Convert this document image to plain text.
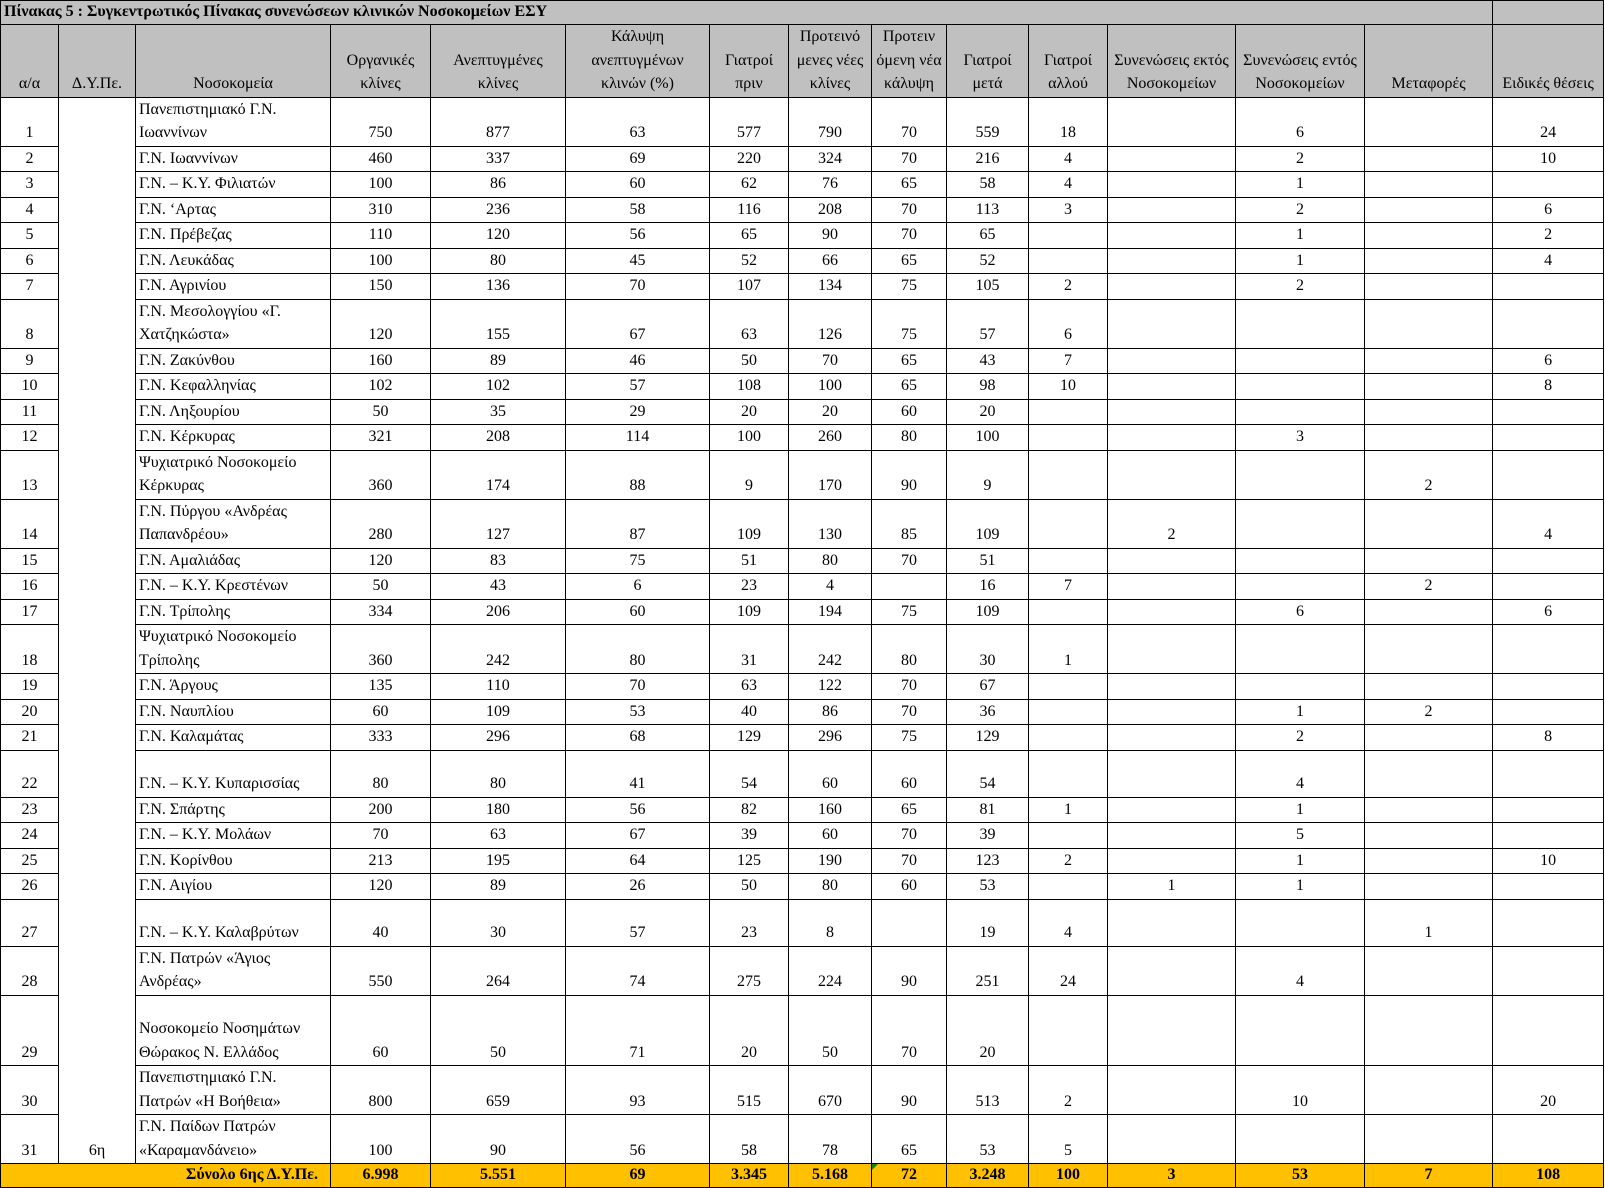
Πίνακας 5 : Συγκεντρωτικός Πίνακας συνενώσεων κλινικών Νοσοκομείων ΕΣΥ														
α/α	Δ.Υ.Πε.	Νοσοκομεία	Οργανικές κλίνες	Ανεπτυγμένες κλίνες	Κάλυψη ανεπτυγμένων κλινών (%)	Γιατροί πριν	Προτεινό μενες νέες κλίνες	Προτειν όμενη νέα κάλυψη	Γιατροί μετά	Γιατροί αλλού	Συνενώσεις εκτός Νοσοκομείων	Συνενώσεις εντός Νοσοκομείων	Μεταφορές	Ειδικές θέσεις
1		Πανεπιστημιακό Γ.Ν. Ιωαννίνων	750	877	63	577	790	70	559	18		6		24
2		Γ.Ν. Ιωαννίνων	460	337	69	220	324	70	216	4		2		10
3		Γ.Ν. – Κ.Υ. Φιλιατών	100	86	60	62	76	65	58	4		1		
4		Γ.Ν. ‘Αρτας	310	236	58	116	208	70	113	3		2		6
5		Γ.Ν. Πρέβεζας	110	120	56	65	90	70	65			1		2
6		Γ.Ν. Λευκάδας	100	80	45	52	66	65	52			1		4
7		Γ.Ν. Αγρινίου	150	136	70	107	134	75	105	2		2		
8		Γ.Ν. Μεσολογγίου «Γ. Χατζηκώστα»	120	155	67	63	126	75	57	6				
9		Γ.Ν. Ζακύνθου	160	89	46	50	70	65	43	7				6
10		Γ.Ν. Κεφαλληνίας	102	102	57	108	100	65	98	10				8
11		Γ.Ν. Ληξουρίου	50	35	29	20	20	60	20					
12		Γ.Ν. Κέρκυρας	321	208	114	100	260	80	100			3		
13		Ψυχιατρικό Νοσοκομείο Κέρκυρας	360	174	88	9	170	90	9				2	
14		Γ.Ν. Πύργου «Ανδρέας Παπανδρέου»	280	127	87	109	130	85	109		2			4
15		Γ.Ν. Αμαλιάδας	120	83	75	51	80	70	51					
16		Γ.Ν. – Κ.Υ. Κρεστένων	50	43	6	23	4		16	7			2	
17		Γ.Ν. Τρίπολης	334	206	60	109	194	75	109			6		6
18		Ψυχιατρικό Νοσοκομείο Τρίπολης	360	242	80	31	242	80	30	1				
19		Γ.Ν. Άργους	135	110	70	63	122	70	67					
20		Γ.Ν. Ναυπλίου	60	109	53	40	86	70	36			1	2	
21		Γ.Ν. Καλαμάτας	333	296	68	129	296	75	129			2		8
22		Γ.Ν. – Κ.Υ. Κυπαρισσίας	80	80	41	54	60	60	54			4		
23		Γ.Ν. Σπάρτης	200	180	56	82	160	65	81	1		1		
24		Γ.Ν. – Κ.Υ. Μολάων	70	63	67	39	60	70	39			5		
25		Γ.Ν. Κορίνθου	213	195	64	125	190	70	123	2		1		10
26		Γ.Ν. Αιγίου	120	89	26	50	80	60	53		1	1		
27		Γ.Ν. – Κ.Υ. Καλαβρύτων	40	30	57	23	8		19	4			1	
28		Γ.Ν. Πατρών «Άγιος Ανδρέας»	550	264	74	275	224	90	251	24		4		
29		Νοσοκομείο Νοσημάτων Θώρακος Ν. Ελλάδος	60	50	71	20	50	70	20					
30		Πανεπιστημιακό Γ.Ν. Πατρών «Η Βοήθεια»	800	659	93	515	670	90	513	2		10		20
31	6η	Γ.Ν. Παίδων Πατρών «Καραμανδάνειο»	100	90	56	58	78	65	53	5				
Σύνολο 6ης Δ.Υ.Πε.			6.998	5.551	69	3.345	5.168	72	3.248	100	3	53	7	108
